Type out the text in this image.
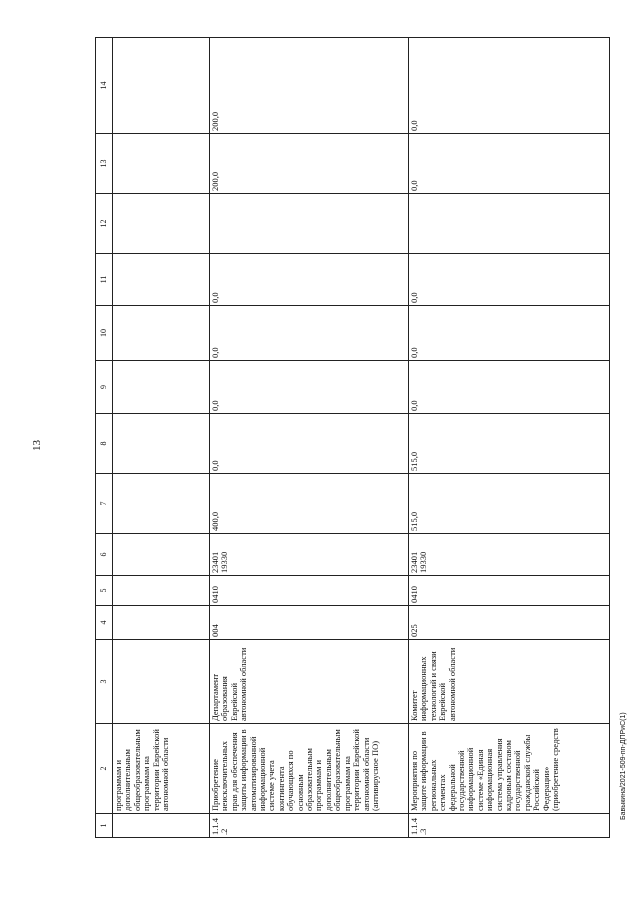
13
Бавыкина/2021-509-пп-ДПРиС(1)
1	2	3	4	5	6	7	8	9	10	11	12	13	14
	программам и дополнительным общеобразовательным программам на территории Еврейской автономной области												
1.1.4.2	Приобретение неисключительных прав для обеспечения защиты информации в автоматизированной информационной системе учета контингента обучающихся по основным образовательным программам и дополнительным общеобразовательным программам на территории Еврейской автономной области (антивирусное ПО)	Департамент образования Еврейской автономной области	004	0410	23401 19330	400,0	0,0	0,0	0,0	0,0		200,0	200,0
1.1.4.3	Мероприятия по защите информации в региональных сегментах федеральной государственной информационной системе «Единая информационная система управления кадровым составом государственной гражданской службы Российской Федерации» (приобретение средств	Комитет информационных технологий и связи Еврейской автономной области	025	0410	23401 19330	515,0	515,0	0,0	0,0	0,0		0,0	0,0
